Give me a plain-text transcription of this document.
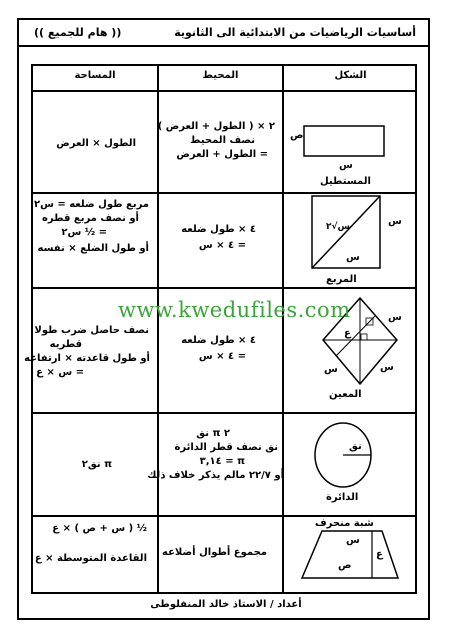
أساسيات الرياضيات من الابتدائية الى الثانوية
(( هام للجميع ))
الشكل
المحيط
المساحة
ص
س
المستطيل
س
س
س√٢
المربع
س
س
س
ع
المعين
نق
الدائرة
شبة منحرف
س
ع
ص
٢ × ( الطول + العرض )
نصف المحيط
= الطول + العرض
الطول × العرض
٤ × طول ضلعه
= ٤ × س
مربع طول ضلعه = س٢
أو نصف مربع قطره
= ½ س٢
أو طول الضلع × نفسه
٤ × طول ضلعه
= ٤ × س
نصف حاصل ضرب طولا
قطريه
أو طول قاعدته × ارتفاعه
= س × ع
٢ π نق
نق نصف قطر الدائرة
π = ٣,١٤
أو ٢٢/٧ مالم يذكر خلاف ذلك
π نق٢
مجموع أطوال أضلاعه
½ ( س + ص ) × ع
القاعدة المتوسطة × ع
www.kwedufiles.com
أعداد / الاستاذ خالد المنفلوطى
